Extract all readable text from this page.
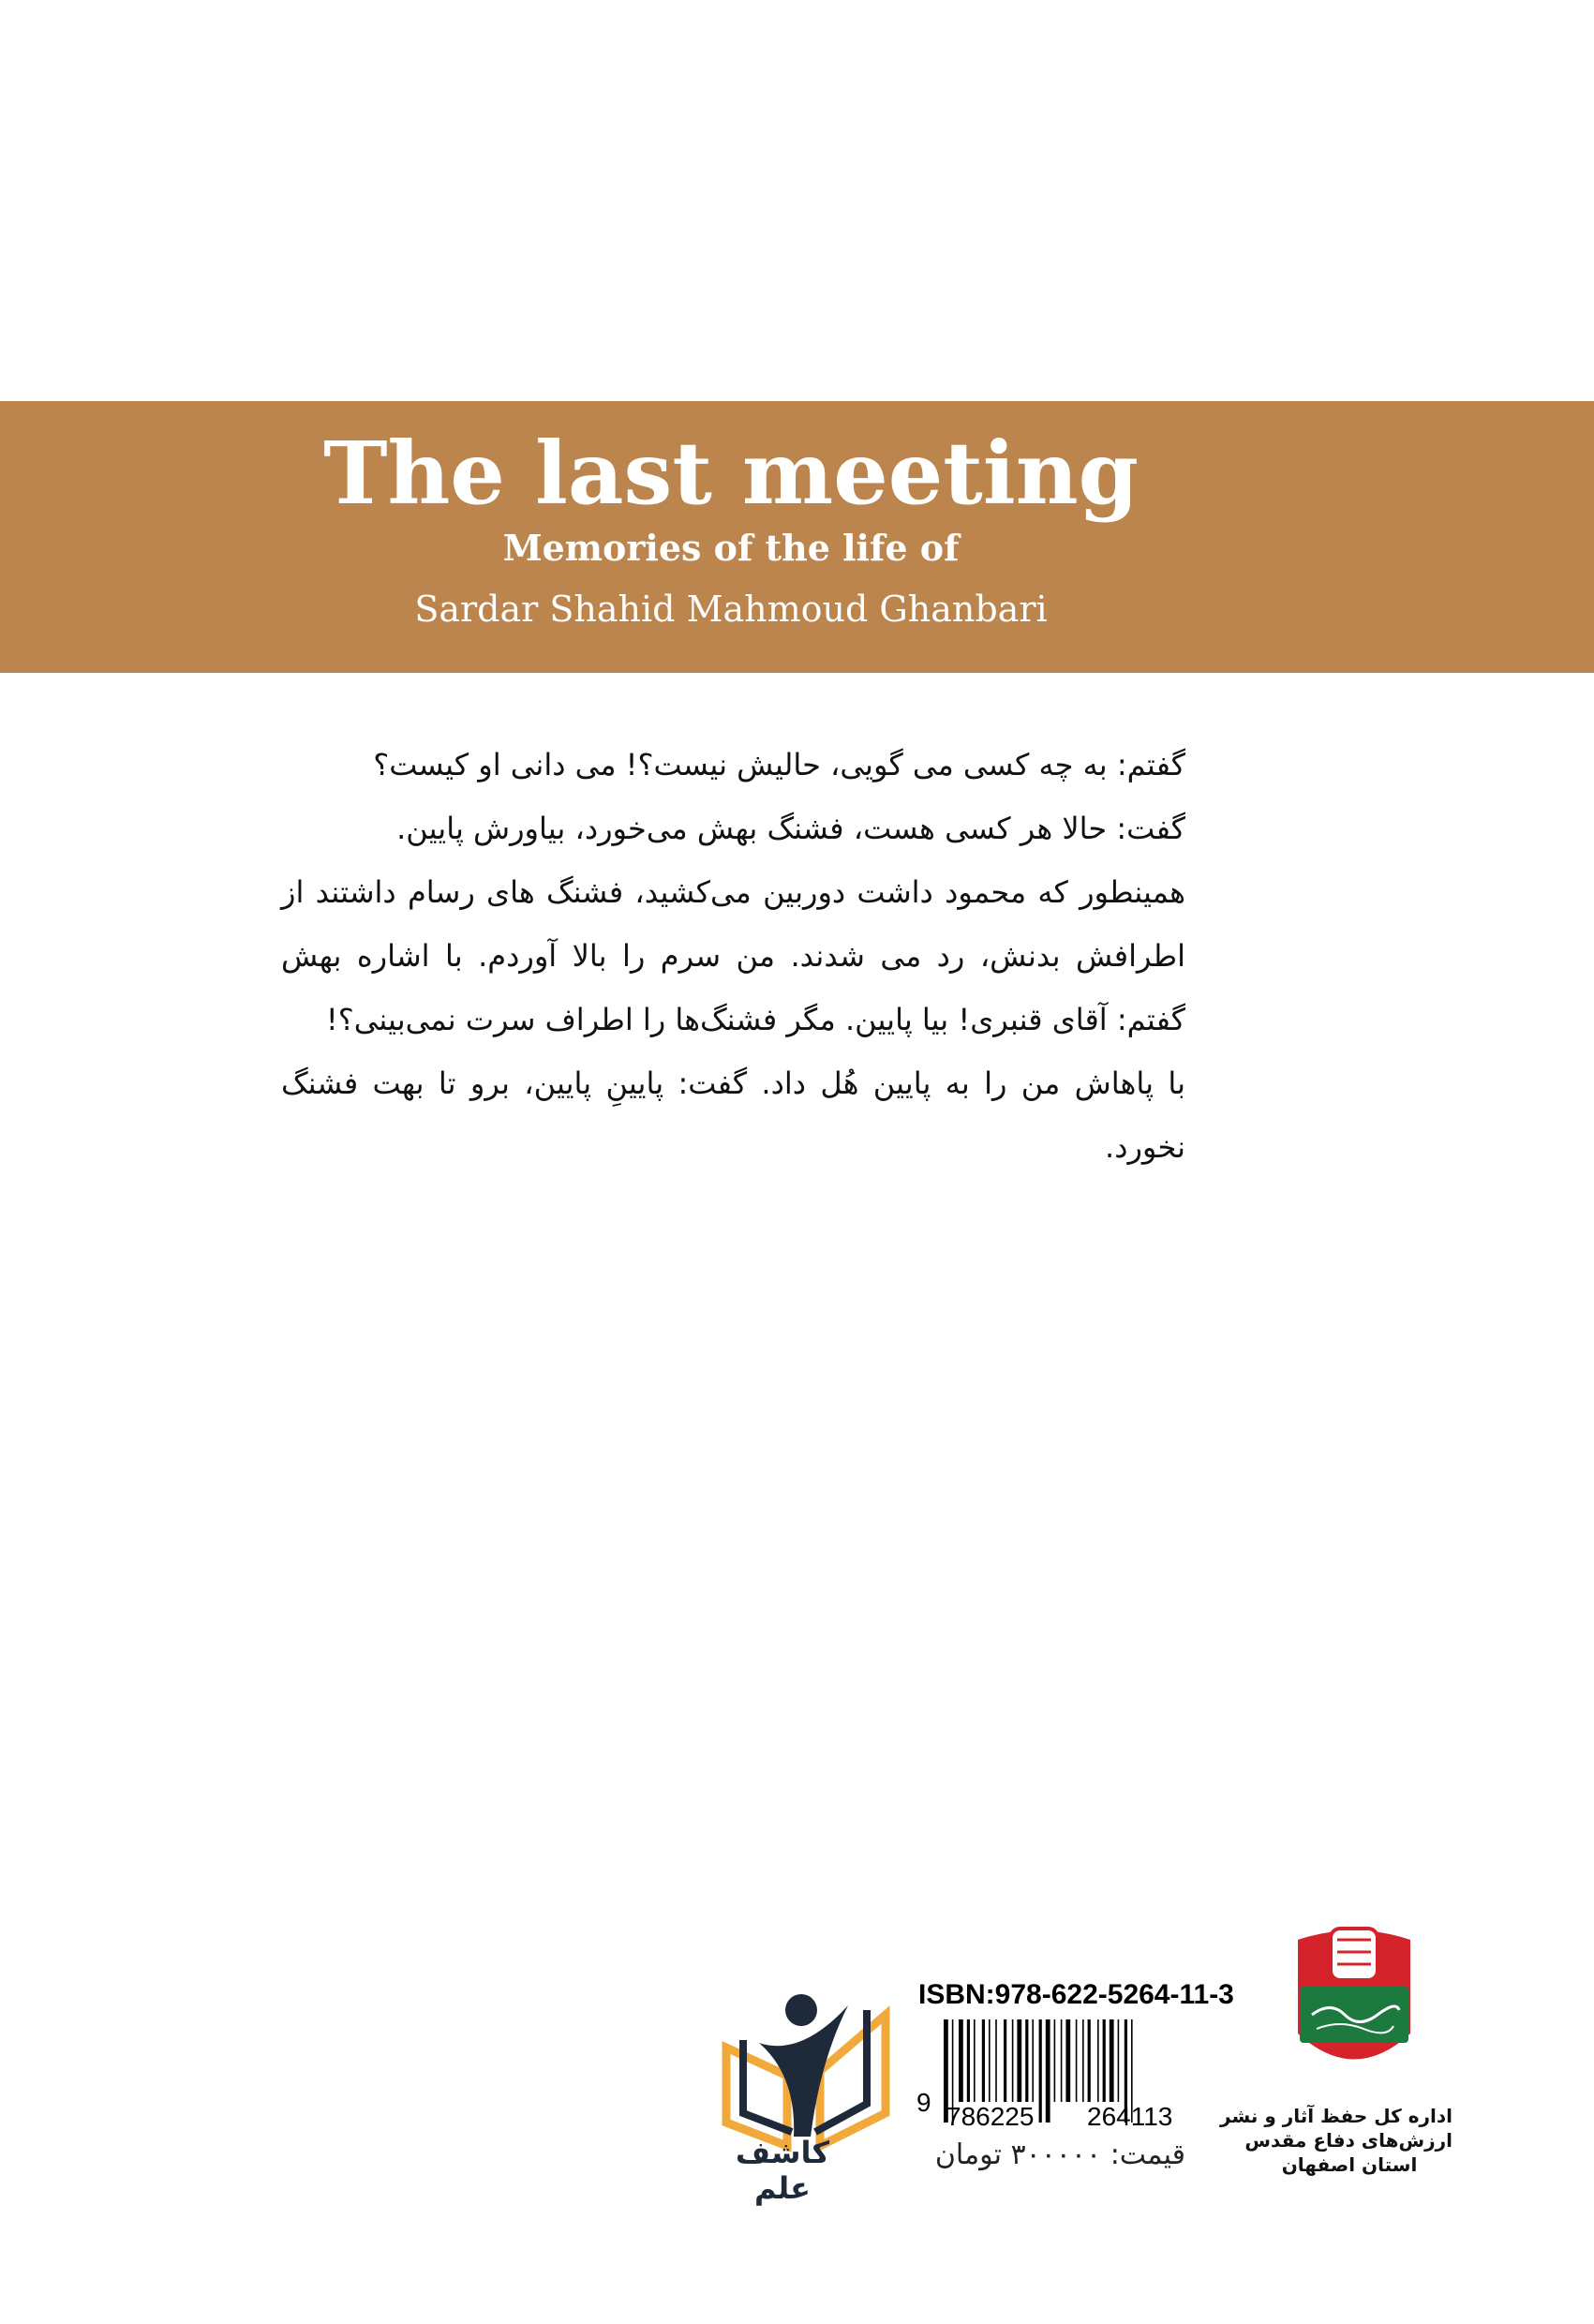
The last meeting
Memories of the life of
Sardar Shahid Mahmoud Ghanbari

گفتم: به چه کسی می گویی، حالیش نیست؟! می دانی او کیست؟

گفت: حالا هر کسی هست، فشنگ بهش می‌خورد، بیاورش پایین.

همینطور که محمود داشت دوربین می‌کشید، فشنگ های رسام داشتند از اطرافش بدنش، رد می شدند. من سرم را بالا آوردم. با اشاره بهش گفتم: آقای قنبری! بیا پایین. مگر فشنگ‌ها را اطراف سرت نمی‌بینی؟!

با پاهاش من را به پایین هُل داد. گفت: پایینِ پایین، برو تا بهت فشنگ نخورد.

کاشف علم
ISBN:978-622-5264-11-3
9 786225 264113
قیمت: ۳۰۰۰۰۰ تومان
اداره کل حفظ آثار و نشر
ارزش‌های دفاع مقدس
استان اصفهان
